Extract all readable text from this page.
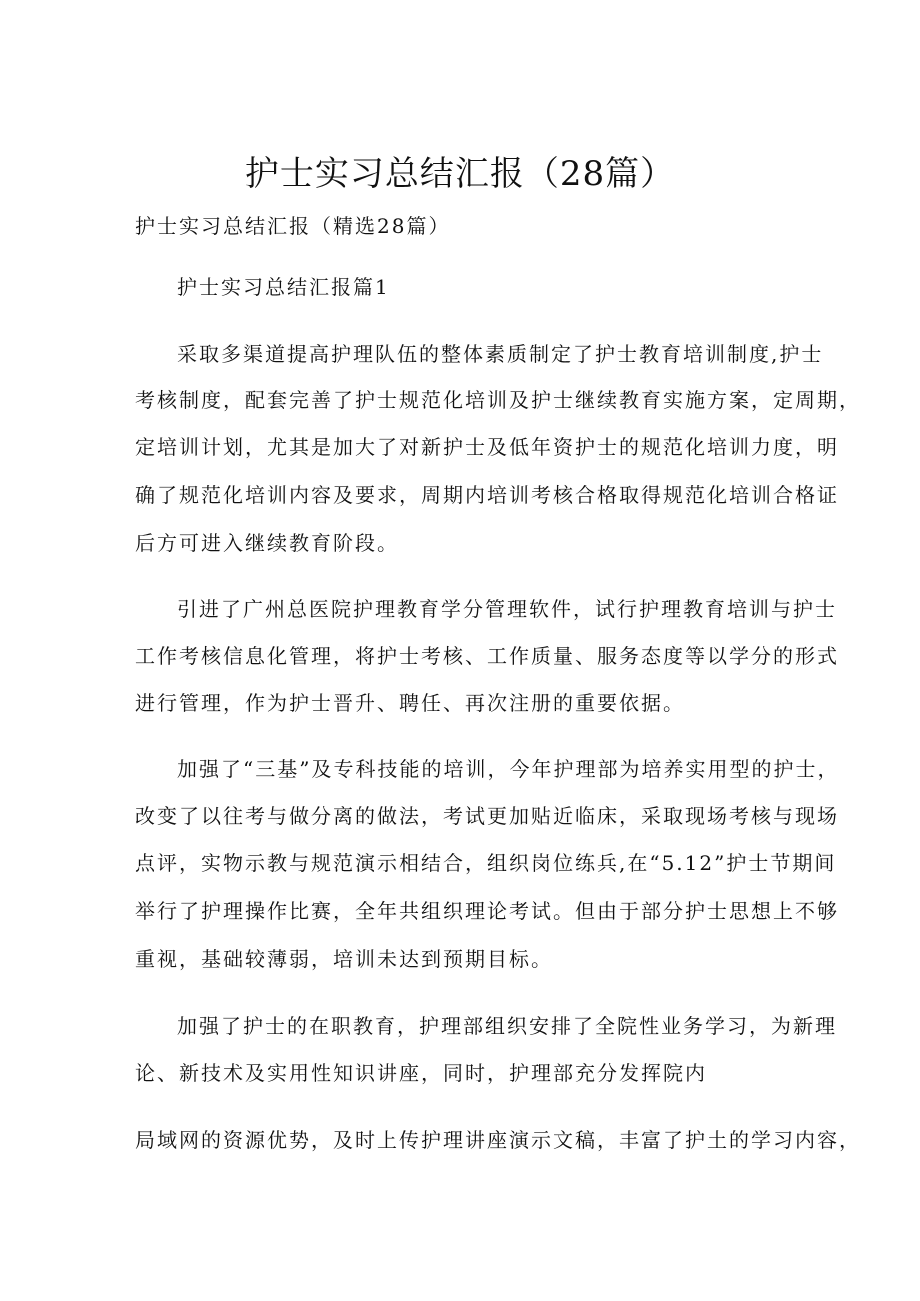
护士实习总结汇报（28篇）
护士实习总结汇报（精选28篇）
护士实习总结汇报篇1
采取多渠道提高护理队伍的整体素质制定了护士教育培训制度,护士
考核制度，配套完善了护士规范化培训及护士继续教育实施方案，定周期，
定培训计划，尤其是加大了对新护士及低年资护士的规范化培训力度，明
确了规范化培训内容及要求，周期内培训考核合格取得规范化培训合格证
后方可进入继续教育阶段。
引进了广州总医院护理教育学分管理软件，试行护理教育培训与护士
工作考核信息化管理，将护士考核、工作质量、服务态度等以学分的形式
进行管理，作为护士晋升、聘任、再次注册的重要依据。
加强了“三基”及专科技能的培训，今年护理部为培养实用型的护士，
改变了以往考与做分离的做法，考试更加贴近临床，采取现场考核与现场
点评，实物示教与规范演示相结合，组织岗位练兵,在“5.12”护士节期间
举行了护理操作比赛，全年共组织理论考试。但由于部分护士思想上不够
重视，基础较薄弱，培训未达到预期目标。
加强了护士的在职教育，护理部组织安排了全院性业务学习，为新理
论、新技术及实用性知识讲座，同时，护理部充分发挥院内
局域网的资源优势，及时上传护理讲座演示文稿，丰富了护土的学习内容，
